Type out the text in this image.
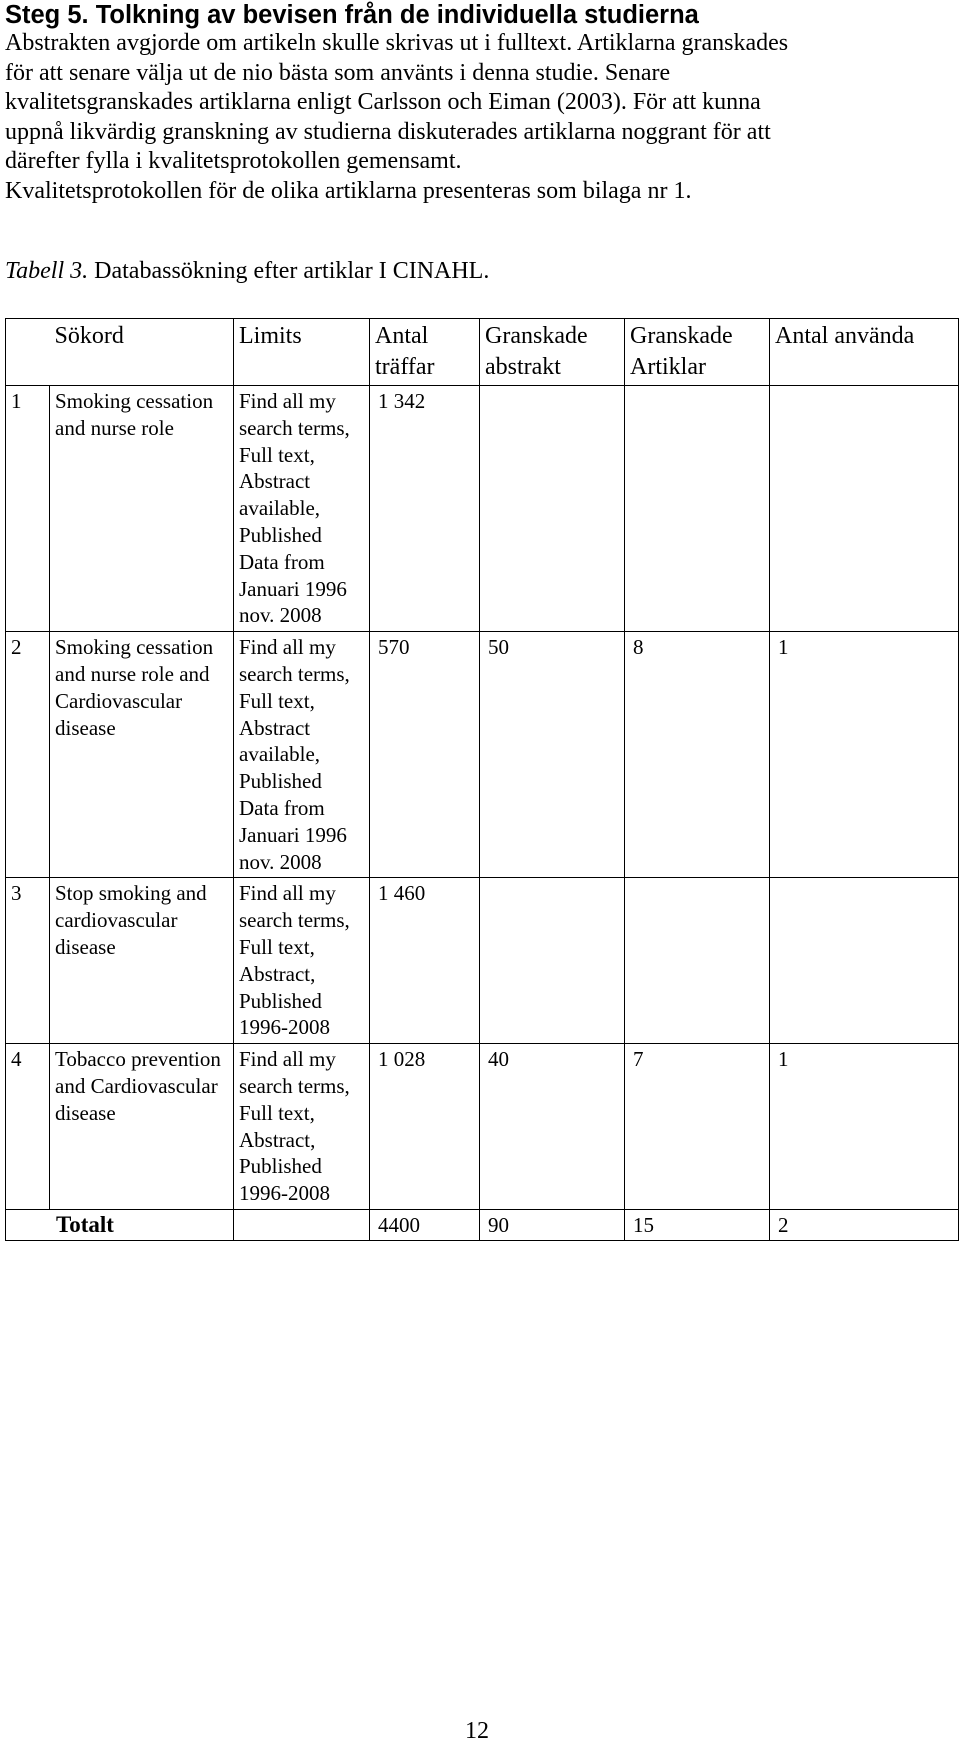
Steg 5. Tolkning av bevisen från de individuella studierna
Abstrakten avgjorde om artikeln skulle skrivas ut i fulltext. Artiklarna granskades
för att senare välja ut de nio bästa som använts i denna studie. Senare
kvalitetsgranskades artiklarna enligt Carlsson och Eiman (2003). För att kunna
uppnå likvärdig granskning av studierna diskuterades artiklarna noggrant för att
därefter fylla i kvalitetsprotokollen gemensamt.
Kvalitetsprotokollen för de olika artiklarna presenteras som bilaga nr 1.
Tabell 3. Databassökning efter artiklar I CINAHL.
	Sökord	Limits	Antal träffar	Granskade abstrakt	Granskade Artiklar	Antal använda
1	Smoking cessation and nurse role	Find all my search terms, Full text, Abstract available, Published Data from Januari 1996 nov. 2008	1 342			
2	Smoking cessation and nurse role and Cardiovascular disease	Find all my search terms, Full text, Abstract available, Published Data from Januari 1996 nov. 2008	570	50	8	1
3	Stop smoking and cardiovascular disease	Find all my search terms, Full text, Abstract, Published 1996-2008	1 460			
4	Tobacco prevention and Cardiovascular disease	Find all my search terms, Full text, Abstract, Published 1996-2008	1 028	40	7	1
Totalt			4400	90	15	2
12
